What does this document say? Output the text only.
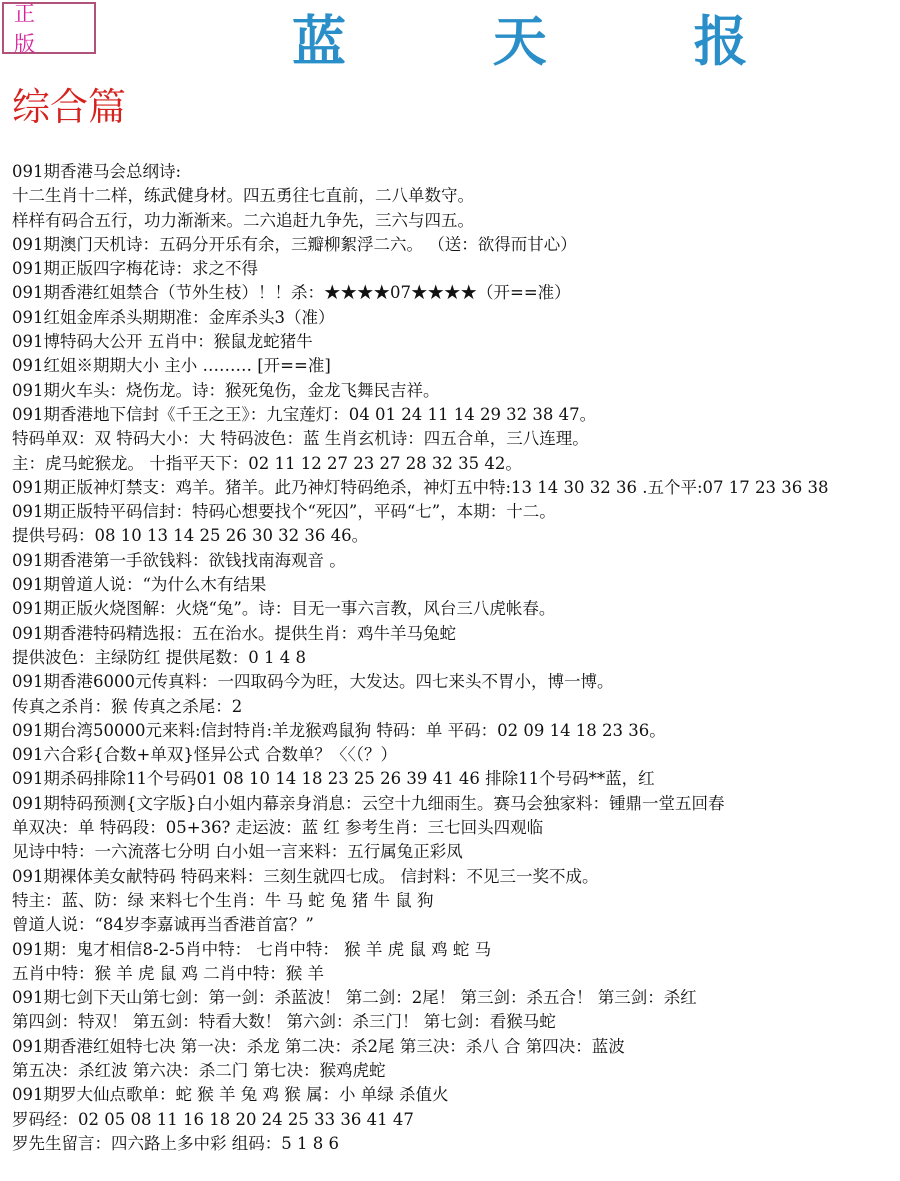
正 版	蓝 天 报
综合篇
091期香港马会总纲诗:
十二生肖十二样，练武健身材。四五勇往七直前，二八单数守。
样样有码合五行，功力渐渐来。二六追赶九争先，三六与四五。
091期澳门天机诗：五码分开乐有余，三瓣柳絮浮二六。 （送：欲得而甘心）
091期正版四字梅花诗：求之不得
091期香港红姐禁合（节外生枝）！！杀：★★★★07★★★★（开==准）
091红姐金库杀头期期准：金库杀头3（准）
091博特码大公开 五肖中：猴鼠龙蛇猪牛
091红姐※期期大小 主小 ……… [开==准]
091期火车头：烧伤龙。诗：猴死兔伤，金龙飞舞民吉祥。
091期香港地下信封《千王之王》：九宝莲灯：04 01 24 11 14 29 32 38 47。
特码单双：双 特码大小：大 特码波色：蓝 生肖玄机诗：四五合单，三八连理。
主：虎马蛇猴龙。 十指平天下：02 11 12 27 23 27 28 32 35 42。
091期正版神灯禁支：鸡羊。猪羊。此乃神灯特码绝杀，神灯五中特:13 14 30 32 36 .五个平:07 17 23 36 38
091期正版特平码信封：特码心想要找个“死囚”，平码“七”，本期：十二。
提供号码：08 10 13 14 25 26 30 32 36 46。
091期香港第一手欲钱料：欲钱找南海观音 。
091期曾道人说：“为什么木有结果
091期正版火烧图解：火烧“兔”。诗：目无一事六言教，风台三八虎帐春。
091期香港特码精选报：五在治水。提供生肖：鸡牛羊马兔蛇
提供波色：主绿防红 提供尾数：0 1 4 8
091期香港6000元传真料：一四取码今为旺，大发达。四七来头不胃小，博一博。
传真之杀肖：猴 传真之杀尾：2
091期台湾50000元来料:信封特肖:羊龙猴鸡鼠狗 特码：单 平码：02 09 14 18 23 36。
091六合彩{合数+单双}怪异公式 合数单？〈〈（？）
091期杀码排除11个号码01 08 10 14 18 23 25 26 39 41 46 排除11个号码**蓝，红
091期特码预测{文字版}白小姐内幕亲身消息：云空十九细雨生。赛马会独家料：锺鼎一堂五回春
单双决：单 特码段：05+36? 走运波：蓝 红 参考生肖：三七回头四观临
见诗中特：一六流落七分明 白小姐一言来料：五行属兔正彩凤
091期裸体美女献特码 特码来料：三刻生就四七成。 信封料：不见三一奖不成。
特主：蓝、防：绿 来料七个生肖：牛 马 蛇 兔 猪 牛 鼠 狗
曾道人说：“84岁李嘉诚再当香港首富？”
091期：鬼才相信8-2-5肖中特： 七肖中特： 猴 羊 虎 鼠 鸡 蛇 马
五肖中特：猴 羊 虎 鼠 鸡 二肖中特：猴 羊
091期七剑下天山第七剑：第一剑：杀蓝波！ 第二剑：2尾！ 第三剑：杀五合！ 第三剑：杀红
第四剑：特双！ 第五剑：特看大数！ 第六剑：杀三门！ 第七剑：看猴马蛇
091期香港红姐特七决 第一决：杀龙 第二决：杀2尾 第三决：杀八 合 第四决：蓝波
第五决：杀红波 第六决：杀二门 第七决：猴鸡虎蛇
091期罗大仙点歌单：蛇 猴 羊 兔 鸡 猴 属：小 单绿 杀值火
罗码经：02 05 08 11 16 18 20 24 25 33 36 41 47
罗先生留言：四六路上多中彩 组码：5 1 8 6
